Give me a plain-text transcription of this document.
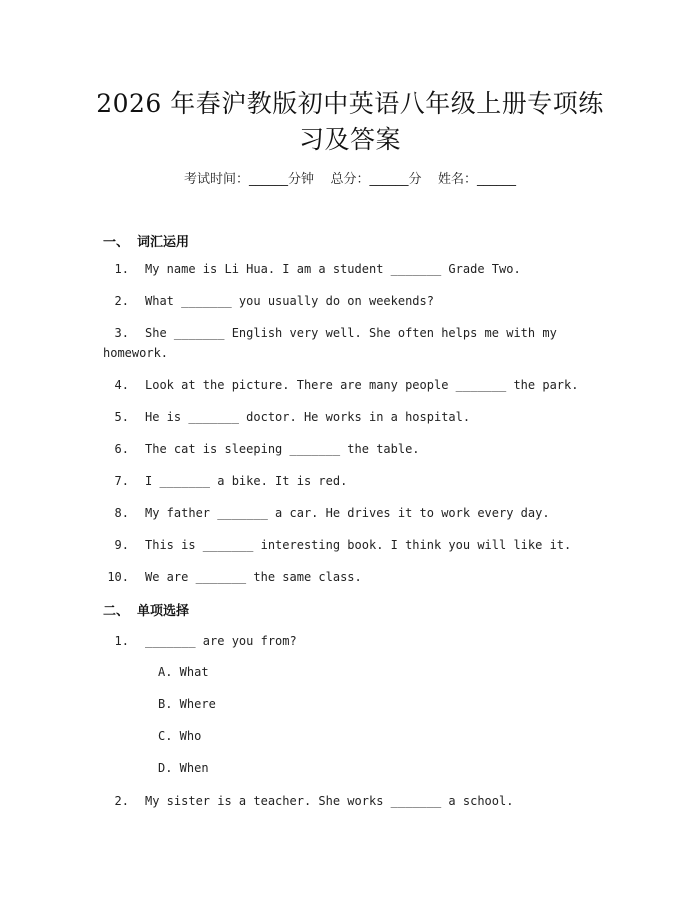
2026 年春沪教版初中英语八年级上册专项练
习及答案
考试时间：______分钟    总分：______分    姓名：______
一、 词汇运用
1. My name is Li Hua. I am a student _______ Grade Two.
2. What _______ you usually do on weekends?
3. She _______ English very well. She often helps me with my
homework.
4. Look at the picture. There are many people _______ the park.
5. He is _______ doctor. He works in a hospital.
6. The cat is sleeping _______ the table.
7. I _______ a bike. It is red.
8. My father _______ a car. He drives it to work every day.
9. This is _______ interesting book. I think you will like it.
10. We are _______ the same class.
二、 单项选择
1. _______ are you from?
A. What
B. Where
C. Who
D. When
2. My sister is a teacher. She works _______ a school.
